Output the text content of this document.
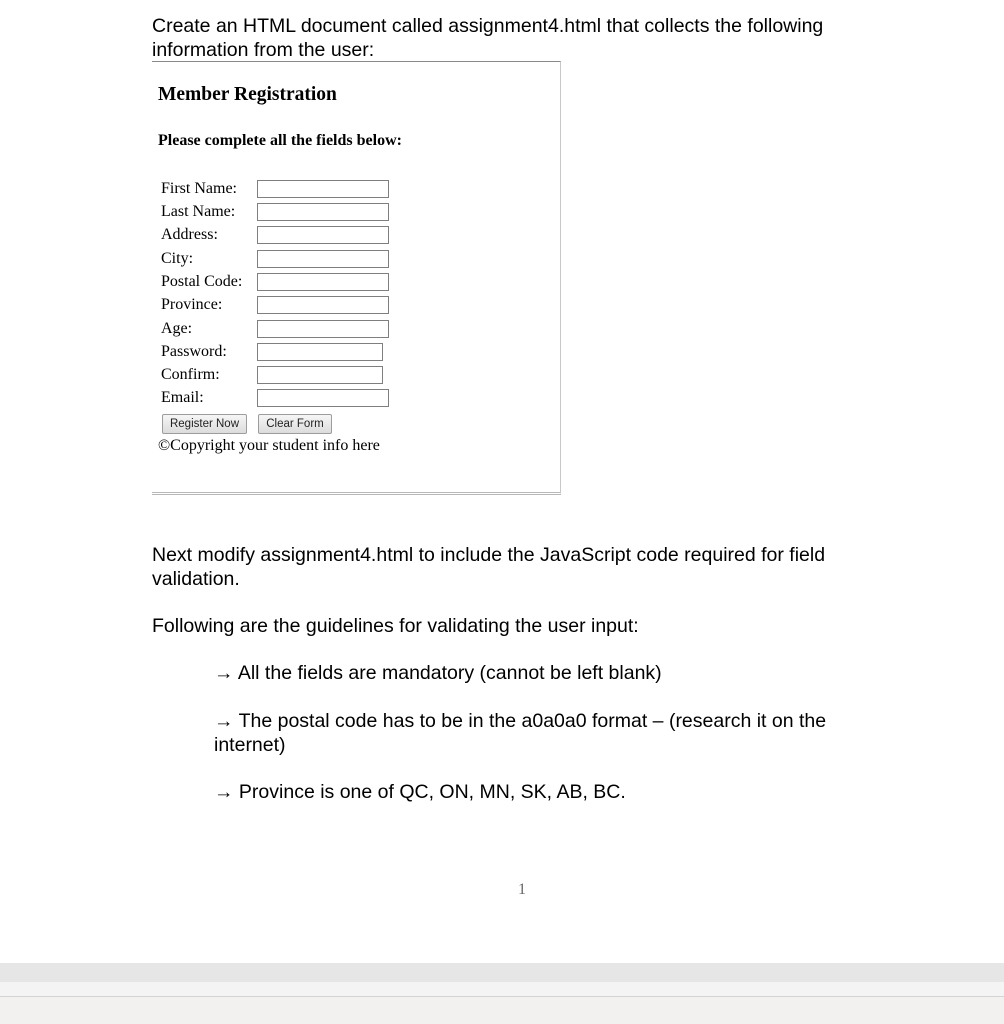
Create an HTML document called assignment4.html that collects the following information from the user:
Member Registration
Please complete all the fields below:
First Name:
Last Name:
Address:
City:
Postal Code:
Province:
Age:
Password:
Confirm:
Email:
Register Now	Clear Form
©Copyright your student info here
Next modify assignment4.html to include the JavaScript code required for field validation.
Following are the guidelines for validating the user input:
→ All the fields are mandatory (cannot be left blank)
→ The postal code has to be in the a0a0a0 format – (research it on the internet)
→ Province is one of QC, ON, MN, SK, AB, BC.
1
